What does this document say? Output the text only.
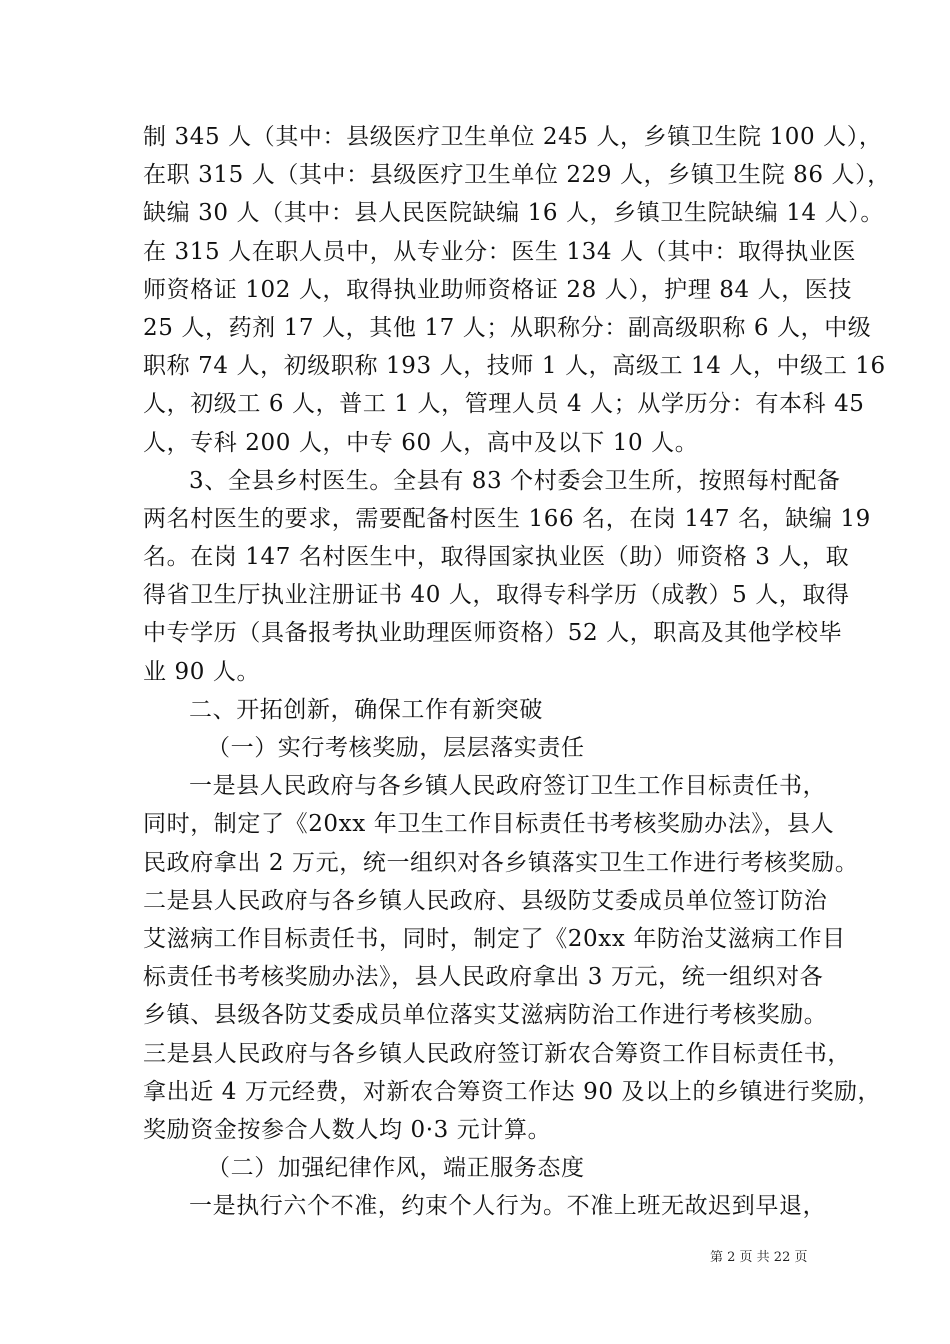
制 345 人（其中：县级医疗卫生单位 245 人，乡镇卫生院 100 人），
在职 315 人（其中：县级医疗卫生单位 229 人，乡镇卫生院 86 人），
缺编 30 人（其中：县人民医院缺编 16 人，乡镇卫生院缺编 14 人）。
在 315 人在职人员中，从专业分：医生 134 人（其中：取得执业医
师资格证 102 人，取得执业助师资格证 28 人），护理 84 人，医技
25 人，药剂 17 人，其他 17 人；从职称分：副高级职称 6 人，中级
职称 74 人，初级职称 193 人，技师 1 人，高级工 14 人，中级工 16
人，初级工 6 人，普工 1 人，管理人员 4 人；从学历分：有本科 45
人，专科 200 人，中专 60 人，高中及以下 10 人。
3、全县乡村医生。全县有 83 个村委会卫生所，按照每村配备
两名村医生的要求，需要配备村医生 166 名，在岗 147 名，缺编 19
名。在岗 147 名村医生中，取得国家执业医（助）师资格 3 人，取
得省卫生厅执业注册证书 40 人，取得专科学历（成教）5 人，取得
中专学历（具备报考执业助理医师资格）52 人，职高及其他学校毕
业 90 人。
二、开拓创新，确保工作有新突破
（一）实行考核奖励，层层落实责任
一是县人民政府与各乡镇人民政府签订卫生工作目标责任书，
同时，制定了《20xx 年卫生工作目标责任书考核奖励办法》，县人
民政府拿出 2 万元，统一组织对各乡镇落实卫生工作进行考核奖励。
二是县人民政府与各乡镇人民政府、县级防艾委成员单位签订防治
艾滋病工作目标责任书，同时，制定了《20xx 年防治艾滋病工作目
标责任书考核奖励办法》，县人民政府拿出 3 万元，统一组织对各
乡镇、县级各防艾委成员单位落实艾滋病防治工作进行考核奖励。
三是县人民政府与各乡镇人民政府签订新农合筹资工作目标责任书，
拿出近 4 万元经费，对新农合筹资工作达 90 及以上的乡镇进行奖励，
奖励资金按参合人数人均 0·3 元计算。
（二）加强纪律作风，端正服务态度
一是执行六个不准，约束个人行为。不准上班无故迟到早退，
第 2 页 共 22 页
